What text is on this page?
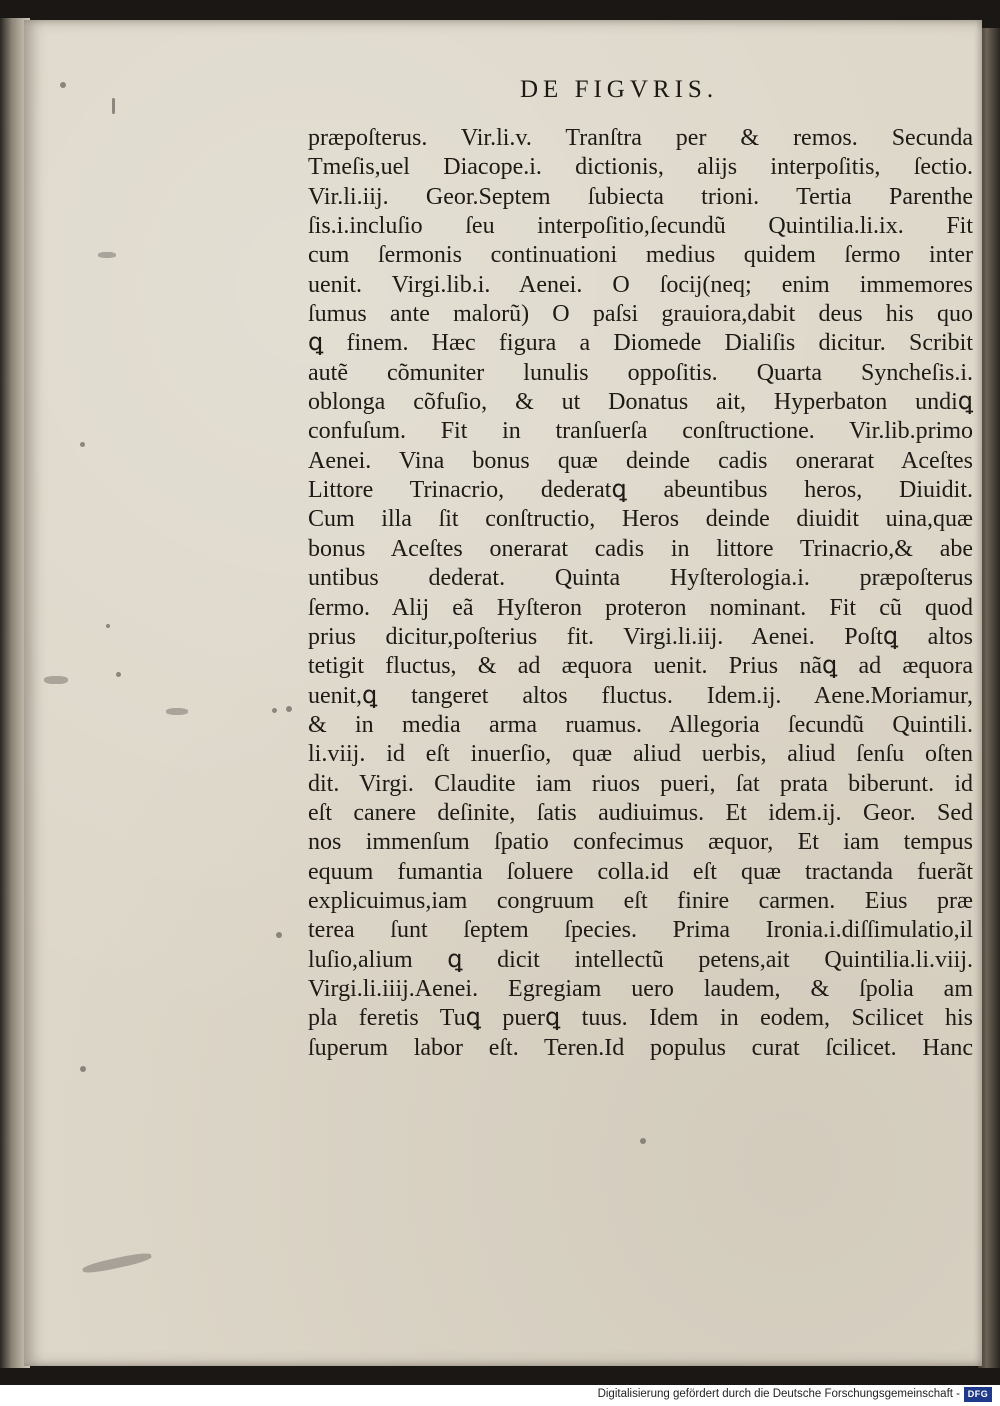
DE FIGVRIS.
præpoſterus. Vir.li.v. Tranſtra per & remos. Secunda
Tmeſis,uel Diacope.i. dictionis, alijs interpoſitis, ſectio.
Vir.li.iij. Geor.Septem ſubiecta trioni. Tertia Parenthe
ſis.i.incluſio ſeu interpoſitio,ſecundũ Quintilia.li.ix. Fit
cum ſermonis continuationi medius quidem ſermo inter
uenit. Virgi.lib.i. Aenei. O ſocij(neq; enim immemores
ſumus ante malorũ) O paſsi grauiora,dabit deus his quo
ꝗ finem. Hæc figura a Diomede Dialiſis dicitur. Scribit
autẽ cõmuniter lunulis oppoſitis. Quarta Syncheſis.i.
oblonga cõfuſio, & ut Donatus ait, Hyperbaton undiꝗ
confuſum. Fit in tranſuerſa conſtructione. Vir.lib.primo
Aenei. Vina bonus quæ deinde cadis onerarat Aceſtes
Littore Trinacrio, dederatꝗ abeuntibus heros, Diuidit.
Cum illa ſit conſtructio, Heros deinde diuidit uina,quæ
bonus Aceſtes onerarat cadis in littore Trinacrio,& abe
untibus dederat. Quinta Hyſterologia.i. præpoſterus
ſermo. Alij eã Hyſteron proteron nominant. Fit cũ quod
prius dicitur,poſterius fit. Virgi.li.iij. Aenei. Poſtꝗ altos
tetigit fluctus, & ad æquora uenit. Prius nãꝗ ad æquora
uenit,ꝗ tangeret altos fluctus. Idem.ij. Aene.Moriamur,
& in media arma ruamus. Allegoria ſecundũ Quintili.
li.viij. id eſt inuerſio, quæ aliud uerbis, aliud ſenſu oſten
dit. Virgi. Claudite iam riuos pueri, ſat prata biberunt. id
eſt canere deſinite, ſatis audiuimus. Et idem.ij. Geor. Sed
nos immenſum ſpatio confecimus æquor, Et iam tempus
equum fumantia ſoluere colla.id eſt quæ tractanda fuerãt
explicuimus,iam congruum eſt finire carmen. Eius præ
terea ſunt ſeptem ſpecies. Prima Ironia.i.diſſimulatio,il
luſio,alium ꝗ dicit intellectũ petens,ait Quintilia.li.viij.
Virgi.li.iiij.Aenei. Egregiam uero laudem, & ſpolia am
pla feretis Tuꝗ puerꝗ tuus. Idem in eodem, Scilicet his
ſuperum labor eſt. Teren.Id populus curat ſcilicet. Hanc
Digitalisierung gefördert durch die Deutsche Forschungsgemeinschaft - DFG
